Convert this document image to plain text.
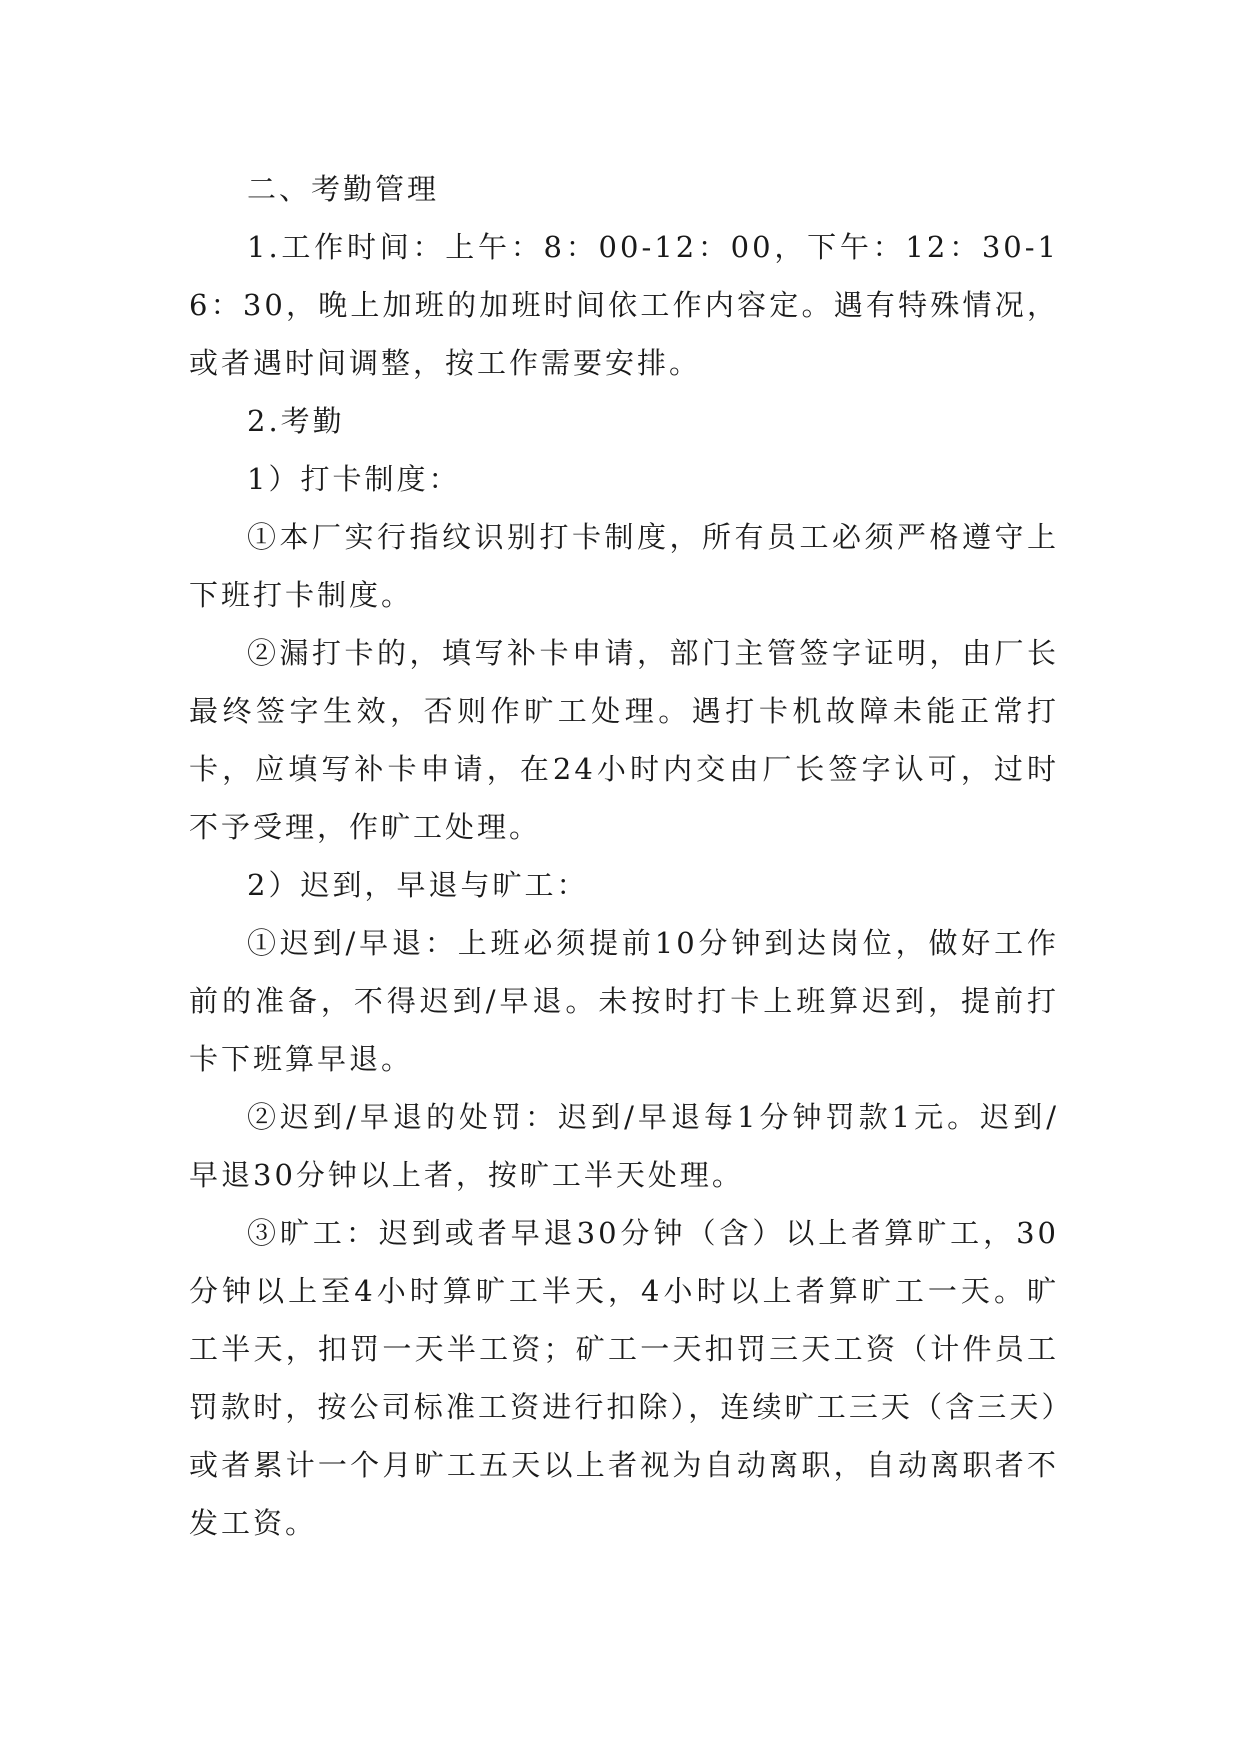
二、考勤管理

1.工作时间：上午：8：00-12：00，下午：12：30-16：30，晚上加班的加班时间依工作内容定。遇有特殊情况，或者遇时间调整，按工作需要安排。

2.考勤

1）打卡制度：

①本厂实行指纹识别打卡制度，所有员工必须严格遵守上下班打卡制度。

②漏打卡的，填写补卡申请，部门主管签字证明，由厂长最终签字生效，否则作旷工处理。遇打卡机故障未能正常打卡，应填写补卡申请，在24小时内交由厂长签字认可，过时不予受理，作旷工处理。

2）迟到，早退与旷工：

①迟到/早退：上班必须提前10分钟到达岗位，做好工作前的准备，不得迟到/早退。未按时打卡上班算迟到，提前打卡下班算早退。

②迟到/早退的处罚：迟到/早退每1分钟罚款1元。迟到/早退30分钟以上者，按旷工半天处理。

③旷工：迟到或者早退30分钟（含）以上者算旷工，30分钟以上至4小时算旷工半天，4小时以上者算旷工一天。旷工半天，扣罚一天半工资；矿工一天扣罚三天工资（计件员工罚款时，按公司标准工资进行扣除），连续旷工三天（含三天）或者累计一个月旷工五天以上者视为自动离职，自动离职者不发工资。
